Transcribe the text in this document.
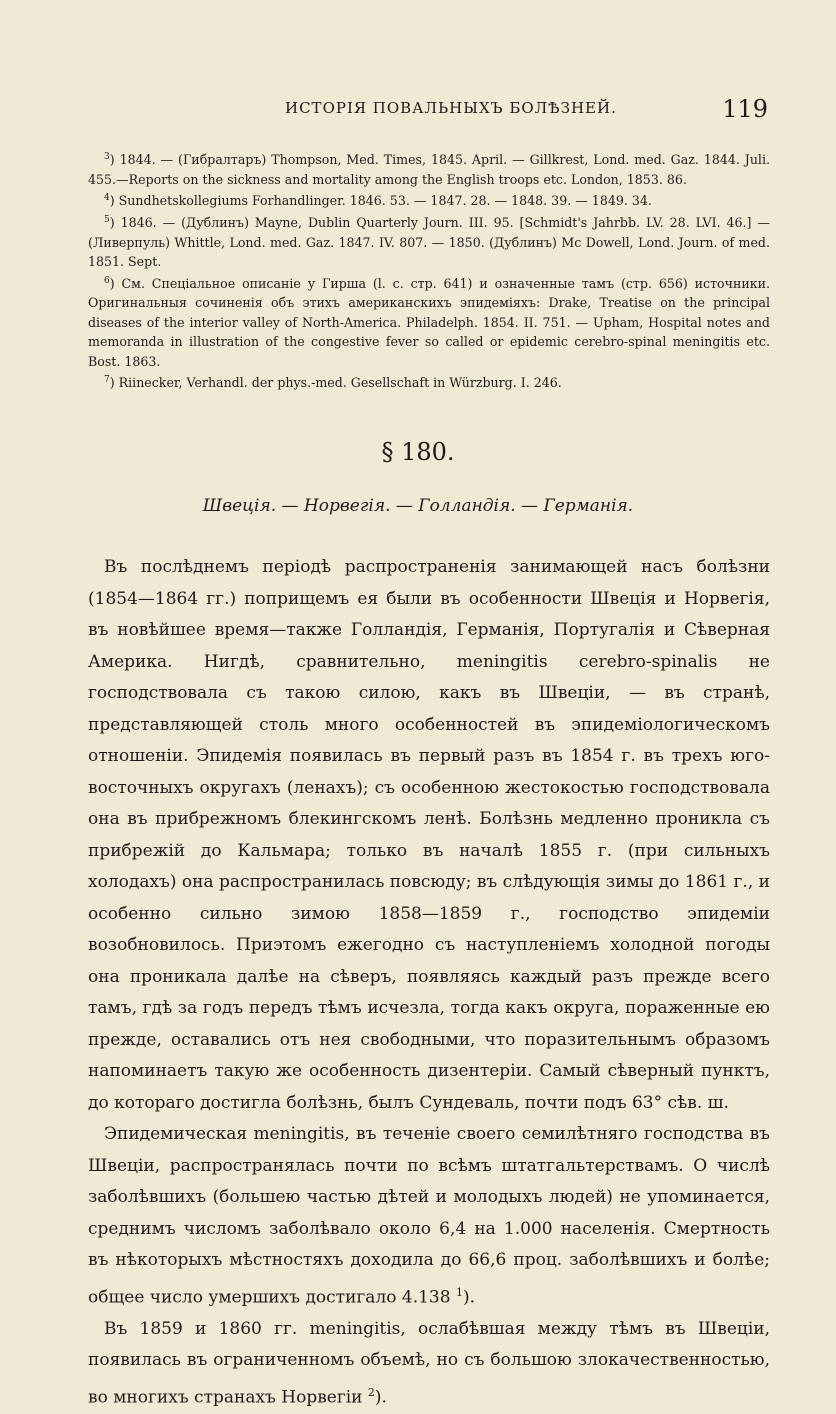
ИСТОРІЯ ПОВАЛЬНЫХЪ БОЛѢЗНЕЙ.	119

$^3$) 1844. — (Гибралтаръ) Thompson, Med. Times, 1845. April. — Gillkrest, Lond. med. Gaz. 1844. Juli. 455.—Reports on the sickness and mortality among the English troops etc. London, 1853. 86.

$^4$) Sundhetskollegiums Forhandlinger. 1846. 53. — 1847. 28. — 1848. 39. — 1849. 34.

$^5$) 1846. — (Дублинъ) Mayne, Dublin Quarterly Journ. III. 95. [Schmidt's Jahrbb. LV. 28. LVI. 46.] — (Ливерпуль) Whittle, Lond. med. Gaz. 1847. IV. 807. — 1850. (Дублинъ) Mc Dowell, Lond. Journ. of med. 1851. Sept.

$^6$) См. Спеціальное описаніе у Гирша (l. c. стр. 641) и означенные тамъ (стр. 656) источники. Оригинальныя сочиненія объ этихъ американскихъ эпидеміяхъ: Drake, Treatise on the principal diseases of the interior valley of North-America. Philadelph. 1854. II. 751. — Upham, Hospital notes and memoranda in illustration of the congestive fever so called or epidemic cerebro-spinal meningitis etc. Bost. 1863.

$^7$) Riinecker, Verhandl. der phys.-med. Gesellschaft in Würzburg. I. 246.

§ 180.
Швеція. — Норвегія. — Голландія. — Германія.

Въ послѣднемъ періодѣ распространенія занимающей насъ болѣзни (1854—1864 гг.) поприщемъ ея были въ особенности Швеція и Норвегія, въ новѣйшее время—также Голландія, Германія, Португалія и Сѣверная Америка. Нигдѣ, сравнительно, meningitis cerebro-spinalis не господствовала съ такою силою, какъ въ Швеціи, — въ странѣ, представляющей столь много особенностей въ эпидеміологическомъ отношеніи. Эпидемія появилась въ первый разъ въ 1854 г. въ трехъ юго-восточныхъ округахъ (ленахъ); съ особенною жестокостью господствовала она въ прибрежномъ блекингскомъ ленѣ. Болѣзнь медленно проникла съ прибрежій до Кальмара; только въ началѣ 1855 г. (при сильныхъ холодахъ) она распространилась повсюду; въ слѣдующія зимы до 1861 г., и особенно сильно зимою 1858—1859 г., господство эпидеміи возобновилось. Приэтомъ ежегодно съ наступленіемъ холодной погоды она проникала далѣе на сѣверъ, появляясь каждый разъ прежде всего тамъ, гдѣ за годъ передъ тѣмъ исчезла, тогда какъ округа, пораженные ею прежде, оставались отъ нея свободными, что поразительнымъ образомъ напоминаетъ такую же особенность дизентеріи. Самый сѣверный пунктъ, до котораго достигла болѣзнь, былъ Сундеваль, почти подъ 63° сѣв. ш.

Эпидемическая meningitis, въ теченіе своего семилѣтняго господства въ Швеціи, распространялась почти по всѣмъ штатгальтерствамъ. О числѣ заболѣвшихъ (большею частью дѣтей и молодыхъ людей) не упоминается, среднимъ числомъ заболѣвало около 6,4 на 1.000 населенія. Смертность въ нѣкоторыхъ мѣстностяхъ доходила до 66,6 проц. заболѣвшихъ и болѣе; общее число умершихъ достигало 4.138 $^1$).

Въ 1859 и 1860 гг. meningitis, ослабѣвшая между тѣмъ въ Швеціи, появилась въ ограниченномъ объемѣ, но съ большою злокачественностью, во многихъ странахъ Норвегіи $^2$).
